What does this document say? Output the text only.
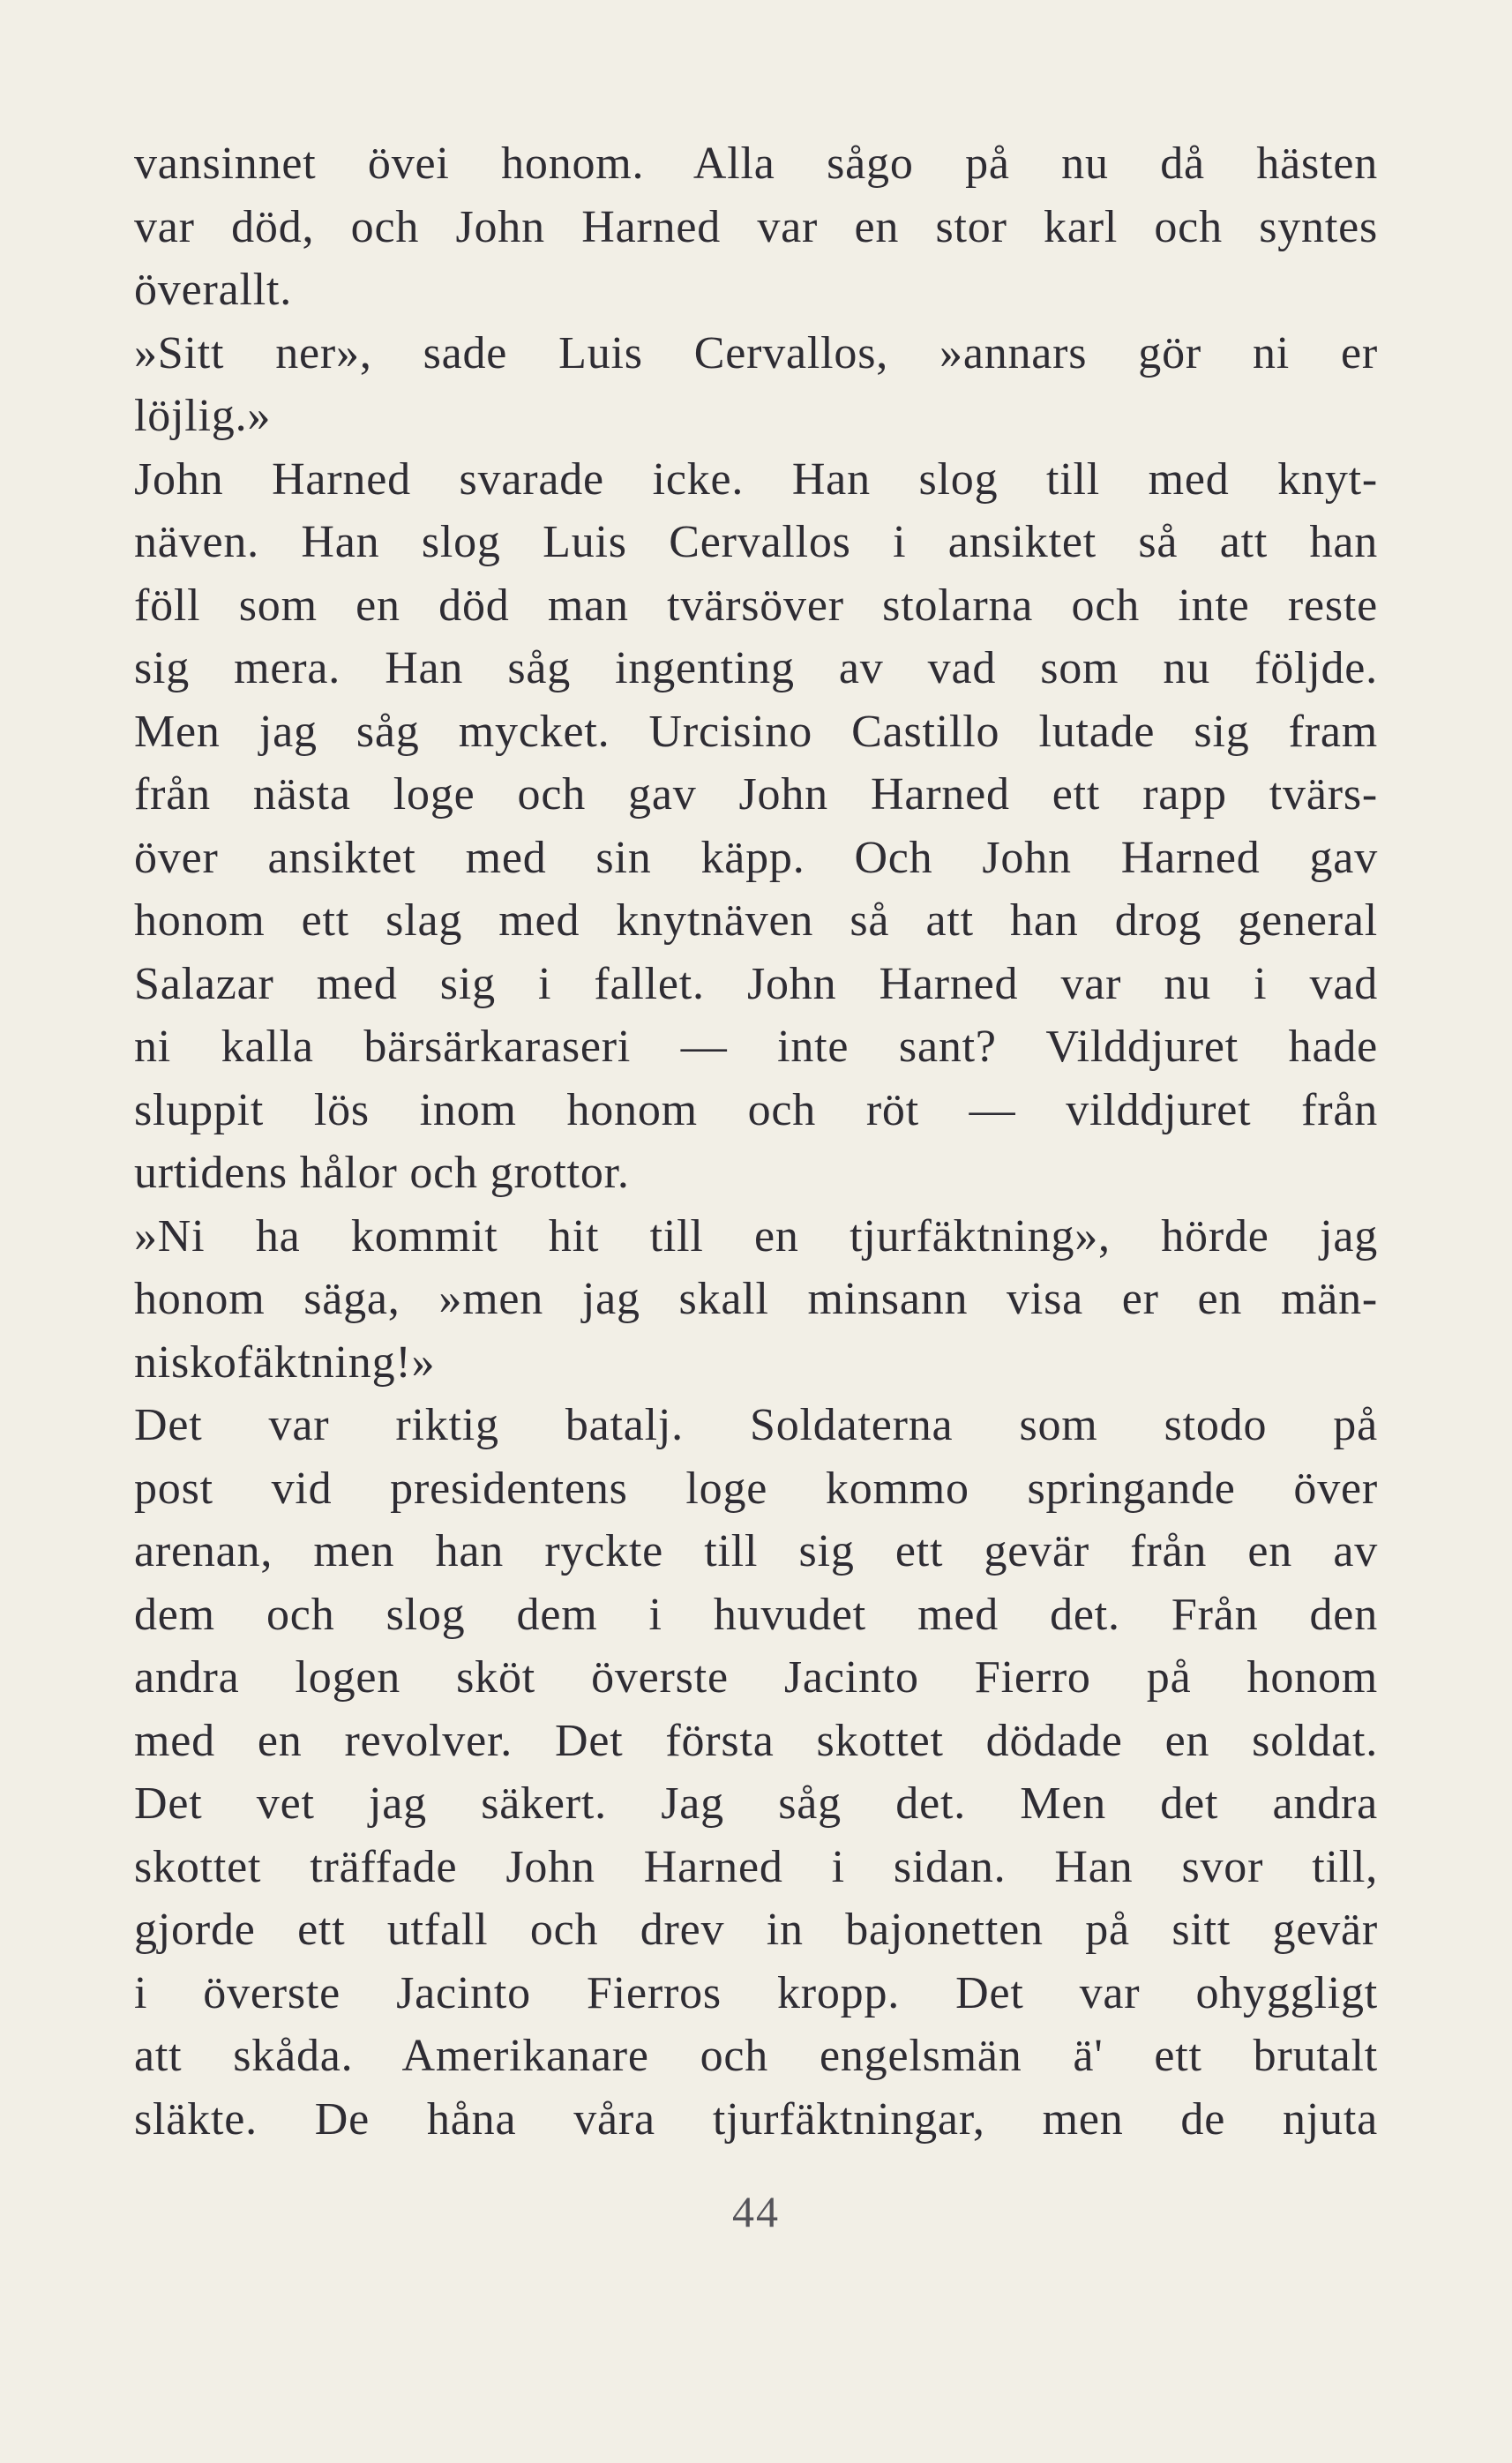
vansinnet övei honom. Alla sågo på nu då hästen
var död, och John Harned var en stor karl och syntes
överallt.
»Sitt ner», sade Luis Cervallos, »annars gör ni er
löjlig.»
John Harned svarade icke. Han slog till med knyt-
näven. Han slog Luis Cervallos i ansiktet så att han
föll som en död man tvärsöver stolarna och inte reste
sig mera. Han såg ingenting av vad som nu följde.
Men jag såg mycket. Urcisino Castillo lutade sig fram
från nästa loge och gav John Harned ett rapp tvärs-
över ansiktet med sin käpp. Och John Harned gav
honom ett slag med knytnäven så att han drog general
Salazar med sig i fallet. John Harned var nu i vad
ni kalla bärsärkaraseri — inte sant? Vilddjuret hade
sluppit lös inom honom och röt — vilddjuret från
urtidens hålor och grottor.
»Ni ha kommit hit till en tjurfäktning», hörde jag
honom säga, »men jag skall minsann visa er en män-
niskofäktning!»
Det var riktig batalj. Soldaterna som stodo på
post vid presidentens loge kommo springande över
arenan, men han ryckte till sig ett gevär från en av
dem och slog dem i huvudet med det. Från den
andra logen sköt överste Jacinto Fierro på honom
med en revolver. Det första skottet dödade en soldat.
Det vet jag säkert. Jag såg det. Men det andra
skottet träffade John Harned i sidan. Han svor till,
gjorde ett utfall och drev in bajonetten på sitt gevär
i överste Jacinto Fierros kropp. Det var ohyggligt
att skåda. Amerikanare och engelsmän ä' ett brutalt
släkte. De håna våra tjurfäktningar, men de njuta
44
